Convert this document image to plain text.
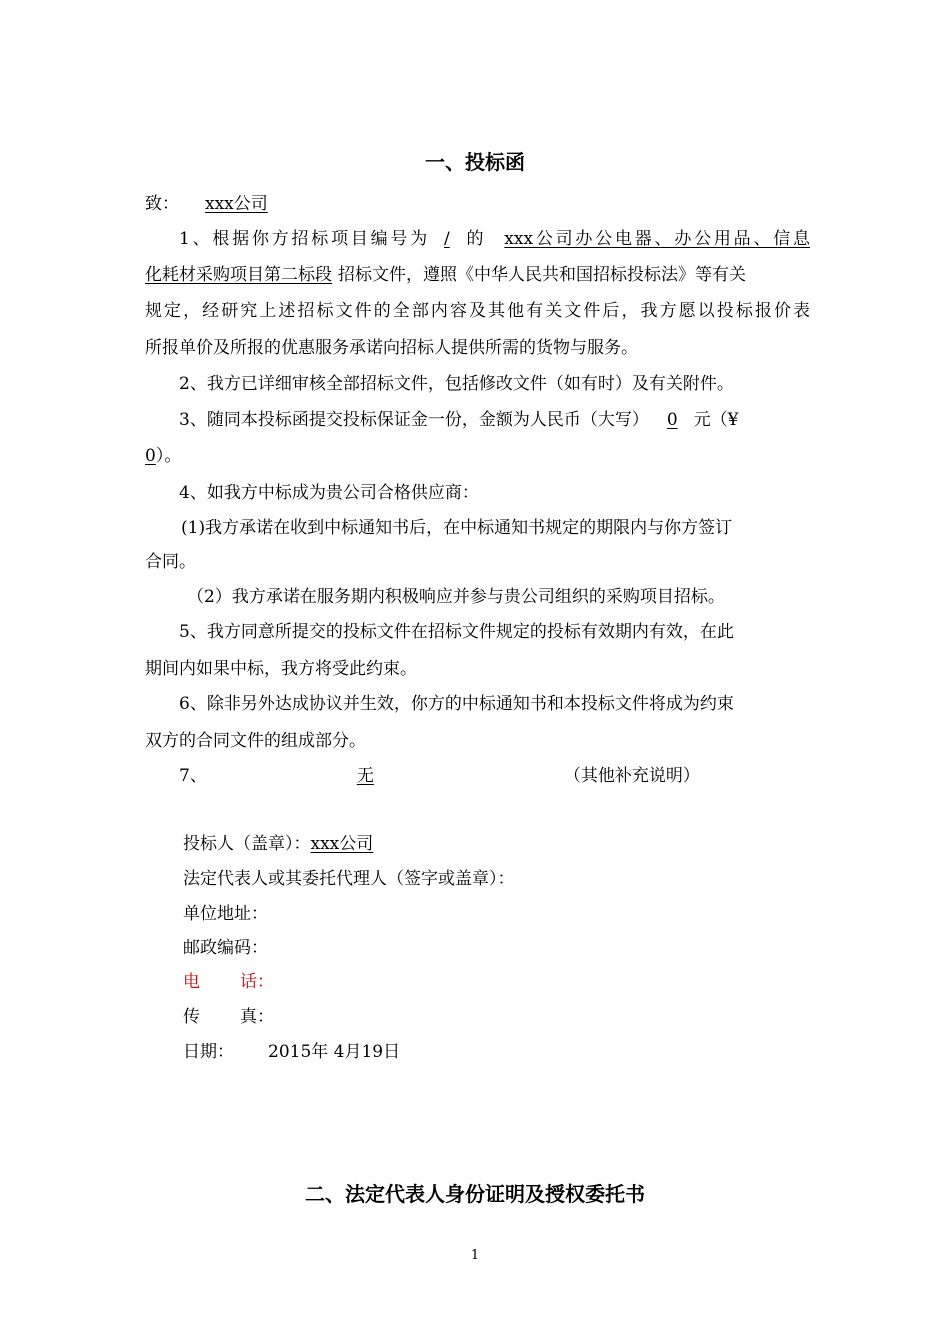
一、投标函
致： xxx公司
1、根据你方招标项目编号为 / 的 xxx公司办公电器、办公用品、信息
化耗材采购项目第二标段 招标文件，遵照《中华人民共和国招标投标法》等有关
规定，经研究上述招标文件的全部内容及其他有关文件后，我方愿以投标报价表
所报单价及所报的优惠服务承诺向招标人提供所需的货物与服务。
2、我方已详细审核全部招标文件，包括修改文件（如有时）及有关附件。
3、随同本投标函提交投标保证金一份，金额为人民币（大写） 0 元（¥
0）。
4、如我方中标成为贵公司合格供应商：
(1)我方承诺在收到中标通知书后，在中标通知书规定的期限内与你方签订
合同。
（2）我方承诺在服务期内积极响应并参与贵公司组织的采购项目招标。
5、我方同意所提交的投标文件在招标文件规定的投标有效期内有效，在此
期间内如果中标，我方将受此约束。
6、除非另外达成协议并生效，你方的中标通知书和本投标文件将成为约束
双方的合同文件的组成部分。
7、	无	（其他补充说明）
投标人（盖章）：xxx公司
法定代表人或其委托代理人（签字或盖章）：
单位地址：
邮政编码：
电 话：
传 真：
日期： 2015年 4月19日
二、法定代表人身份证明及授权委托书
1
